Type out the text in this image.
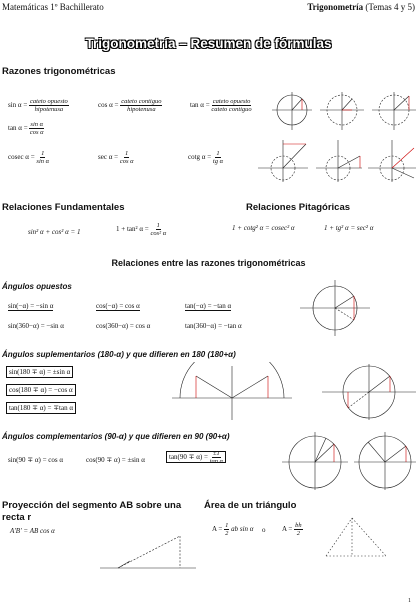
Matemáticas 1º Bachillerato	Trigonometría (Temas 4 y 5)
Trigonometría – Resumen de fórmulas
Razones trigonométricas
$\sin \alpha = \frac{\text{cateto opuesto}}{\text{hipotenusa}}$	$\cos \alpha = \frac{\text{cateto contiguo}}{\text{hipotenusa}}$	$\tan \alpha = \frac{\text{cateto opuesto}}{\text{cateto contiguo}}$
$\tan \alpha = \frac{\text{sin α}}{\text{cos α}}$
cosec $\alpha = \frac{1}{\text{sin α}}$	$\sec \alpha = \frac{1}{\text{cos α}}$	cotg $\alpha = \frac{1}{\text{tg α}}$
Relaciones Fundamentales	Relaciones Pitagóricas
sin² α + cos² α = 1	1 + tan² $\alpha = \frac{1}{\text{cos² α}}$	1 + cotg² α = cosec² α	1 + tg² α = sec² α
Relaciones entre las razones trigonométricas
Ángulos opuestos
sin(−α) = −sin α	cos(−α) = cos α	tan(−α) = −tan α
sin(360−α) = −sin α	cos(360−α) = cos α	tan(360−α) = −tan α
Ángulos suplementarios (180-α) y que difieren en 180 (180+α)
sin(180 ∓ α) = ±sin α
cos(180 ∓ α) = −cos α
tan(180 ∓ α) = ∓tan α
Ángulos complementarios (90-α) y que difieren en 90 (90+α)
sin(90 ∓ α) = cos α	cos(90 ∓ α) = ±sin α	$\tan(90 \mp \alpha) = \frac{\pm 1}{\text{tan α}}$
Proyección del segmento AB sobre una recta r
A′B′ = AB cos α
Área de un triángulo
$A = \frac{1}{2}$ ab sin α o $A = \frac{bh}{2}$
1
